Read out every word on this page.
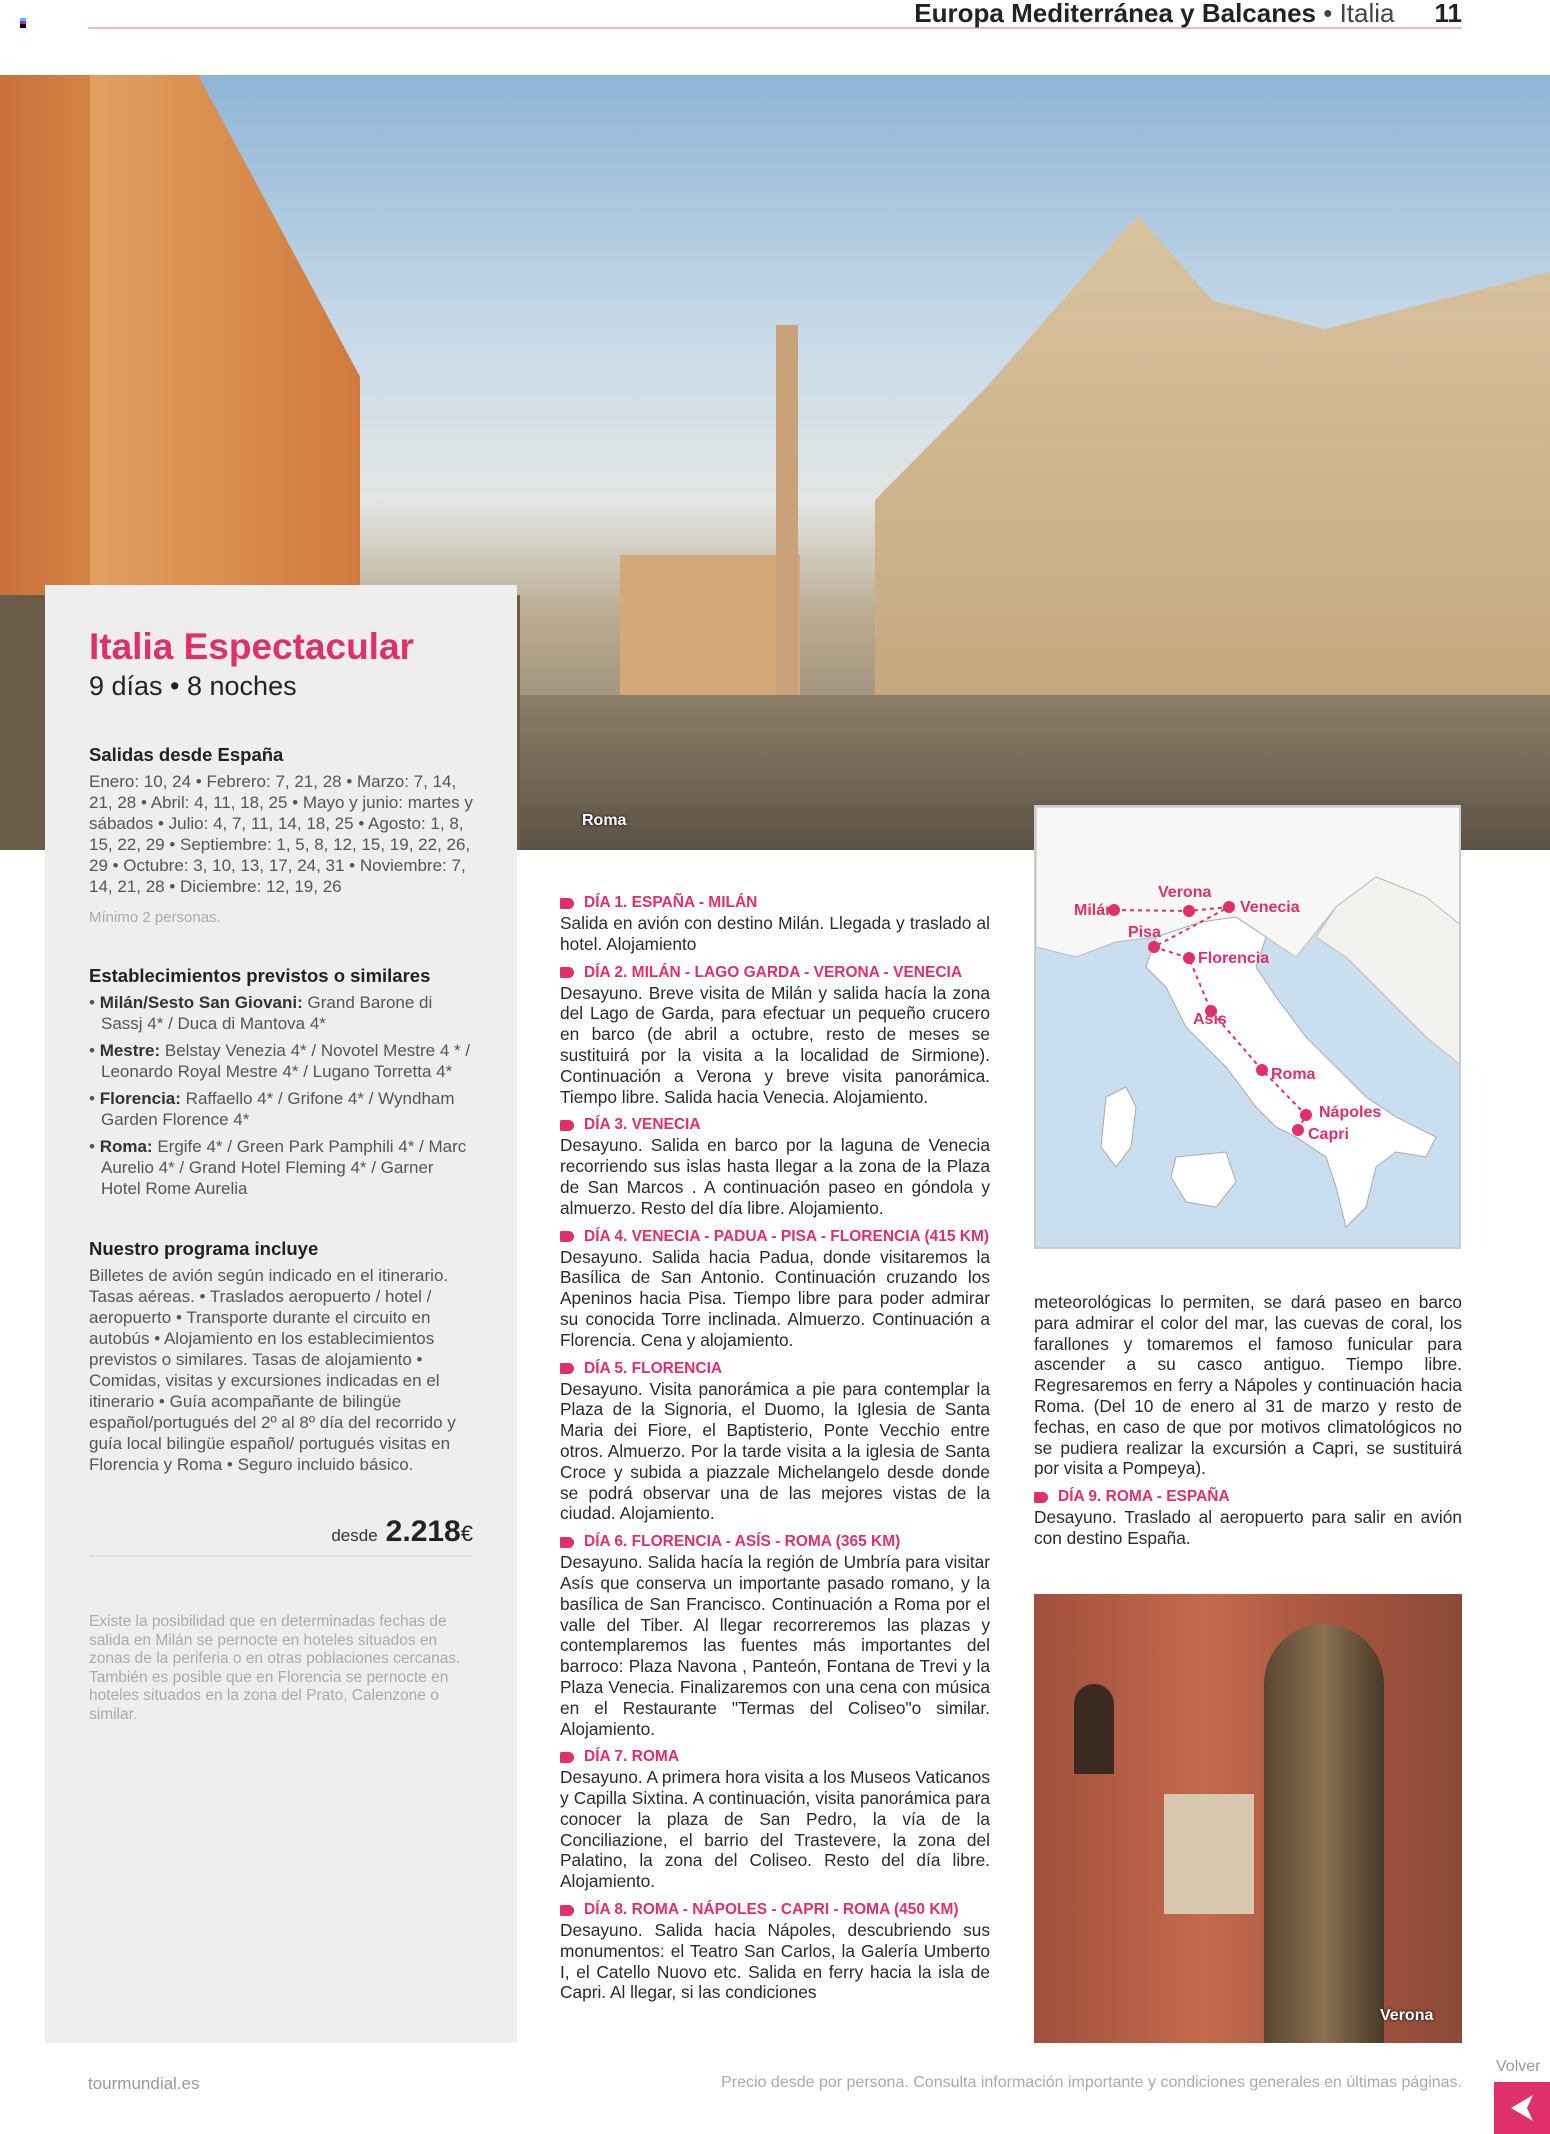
Europa Mediterránea y Balcanes • Italia 11
Roma
Italia Espectacular
9 días • 8 noches
Salidas desde España
Enero: 10, 24 • Febrero: 7, 21, 28 • Marzo: 7, 14, 21, 28 • Abril: 4, 11, 18, 25 • Mayo y junio: martes y sábados • Julio: 4, 7, 11, 14, 18, 25 • Agosto: 1, 8, 15, 22, 29 • Septiembre: 1, 5, 8, 12, 15, 19, 22, 26, 29 • Octubre: 3, 10, 13, 17, 24, 31 • Noviembre: 7, 14, 21, 28 • Diciembre: 12, 19, 26
Mínimo 2 personas.
Establecimientos previstos o similares
• Milán/Sesto San Giovani: Grand Barone di Sassj 4* / Duca di Mantova 4*
• Mestre: Belstay Venezia 4* / Novotel Mestre 4 * / Leonardo Royal Mestre 4* / Lugano Torretta 4*
• Florencia: Raffaello 4* / Grifone 4* / Wyndham Garden Florence 4*
• Roma: Ergife 4* / Green Park Pamphili 4* / Marc Aurelio 4* / Grand Hotel Fleming 4* / Garner Hotel Rome Aurelia
Nuestro programa incluye
Billetes de avión según indicado en el itinerario. Tasas aéreas. • Traslados aeropuerto / hotel / aeropuerto • Transporte durante el circuito en autobús • Alojamiento en los establecimientos previstos o similares. Tasas de alojamiento • Comidas, visitas y excursiones indicadas en el itinerario • Guía acompañante de bilingüe español/portugués del 2º al 8º día del recorrido y guía local bilingüe español/ portugués visitas en Florencia y Roma • Seguro incluido básico.
desde 2.218€
Existe la posibilidad que en determinadas fechas de salida en Milán se pernocte en hoteles situados en zonas de la periferia o en otras poblaciones cercanas. También es posible que en Florencia se pernocte en hoteles situados en la zona del Prato, Calenzone o similar.
DÍA 1. ESPAÑA - MILÁN
Salida en avión con destino Milán. Llegada y traslado al hotel. Alojamiento
DÍA 2. MILÁN - LAGO GARDA - VERONA - VENECIA
Desayuno. Breve visita de Milán y salida hacía la zona del Lago de Garda, para efectuar un pequeño crucero en barco (de abril a octubre, resto de meses se sustituirá por la visita a la localidad de Sirmione). Continuación a Verona y breve visita panorámica. Tiempo libre. Salida hacia Venecia. Alojamiento.
DÍA 3. VENECIA
Desayuno. Salida en barco por la laguna de Venecia recorriendo sus islas hasta llegar a la zona de la Plaza de San Marcos . A continuación paseo en góndola y almuerzo. Resto del día libre. Alojamiento.
DÍA 4. VENECIA - PADUA - PISA - FLORENCIA (415 KM)
Desayuno. Salida hacia Padua, donde visitaremos la Basílica de San Antonio. Continuación cruzando los Apeninos hacia Pisa. Tiempo libre para poder admirar su conocida Torre inclinada. Almuerzo. Continuación a Florencia. Cena y alojamiento.
DÍA 5. FLORENCIA
Desayuno. Visita panorámica a pie para contemplar la Plaza de la Signoria, el Duomo, la Iglesia de Santa Maria dei Fiore, el Baptisterio, Ponte Vecchio entre otros. Almuerzo. Por la tarde visita a la iglesia de Santa Croce y subida a piazzale Michelangelo desde donde se podrá observar una de las mejores vistas de la ciudad. Alojamiento.
DÍA 6. FLORENCIA - ASÍS - ROMA (365 KM)
Desayuno. Salida hacía la región de Umbría para visitar Asís que conserva un importante pasado romano, y la basílica de San Francisco. Continuación a Roma por el valle del Tiber. Al llegar recorreremos las plazas y contemplaremos las fuentes más importantes del barroco: Plaza Navona , Panteón, Fontana de Trevi y la Plaza Venecia. Finalizaremos con una cena con música en el Restaurante "Termas del Coliseo"o similar. Alojamiento.
DÍA 7. ROMA
Desayuno. A primera hora visita a los Museos Vaticanos y Capilla Sixtina. A continuación, visita panorámica para conocer la plaza de San Pedro, la vía de la Conciliazione, el barrio del Trastevere, la zona del Palatino, la zona del Coliseo. Resto del día libre. Alojamiento.
DÍA 8. ROMA - NÁPOLES - CAPRI - ROMA (450 KM)
Desayuno. Salida hacia Nápoles, descubriendo sus monumentos: el Teatro San Carlos, la Galería Umberto I, el Catello Nuovo etc. Salida en ferry hacia la isla de Capri. Al llegar, si las condiciones
Milán
Verona
Venecia
Pisa
Florencia
Asis
Roma
Nápoles
Capri
meteorológicas lo permiten, se dará paseo en barco para admirar el color del mar, las cuevas de coral, los farallones y tomaremos el famoso funicular para ascender a su casco antiguo. Tiempo libre. Regresaremos en ferry a Nápoles y continuación hacia Roma. (Del 10 de enero al 31 de marzo y resto de fechas, en caso de que por motivos climatológicos no se pudiera realizar la excursión a Capri, se sustituirá por visita a Pompeya).
DÍA 9. ROMA - ESPAÑA
Desayuno. Traslado al aeropuerto para salir en avión con destino España.
Verona
tourmundial.es	Precio desde por persona. Consulta información importante y condiciones generales en últimas páginas.
Volver
